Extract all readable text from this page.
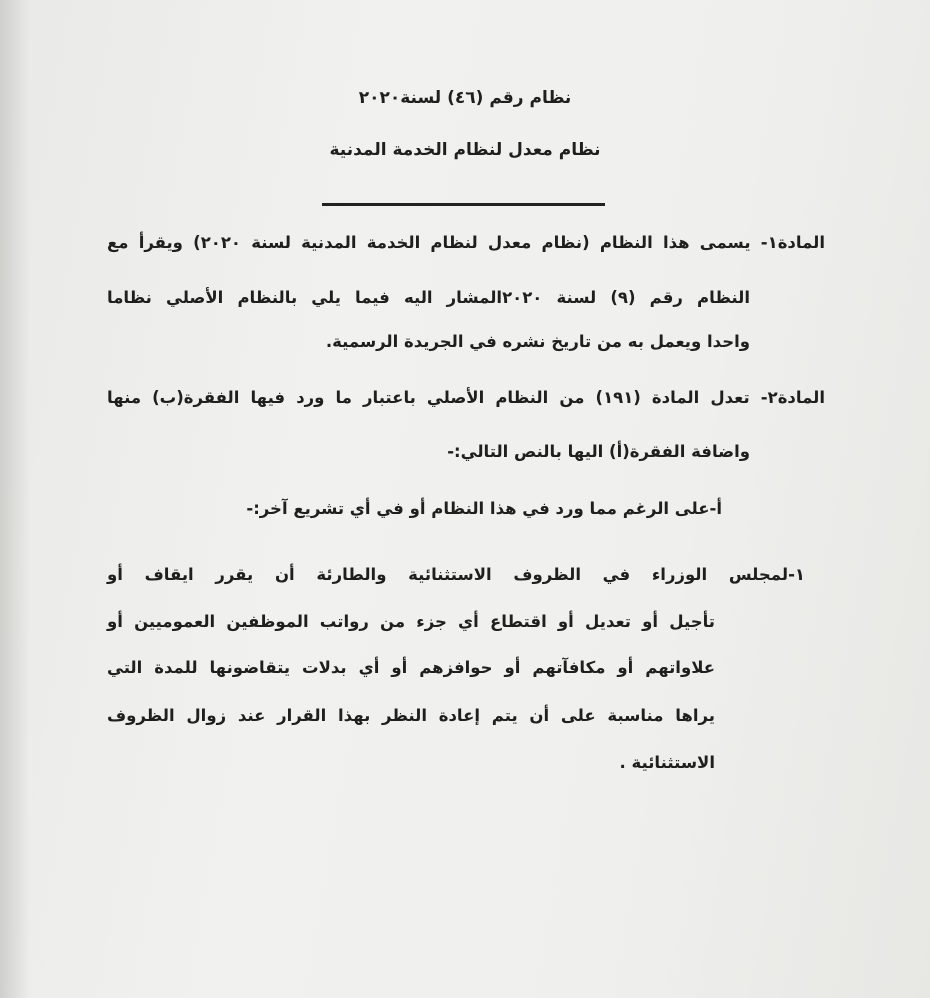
نظام رقم (٤٦) لسنة٢٠٢٠
نظام معدل لنظام الخدمة المدنية
المادة١- يسمى هذا النظام (نظام معدل لنظام الخدمة المدنية لسنة ٢٠٢٠) ويقرأ مع
النظام رقم (٩) لسنة ٢٠٢٠المشار اليه فيما يلي بالنظام الأصلي نظاما
واحدا ويعمل به من تاريخ نشره في الجريدة الرسمية.
المادة٢- تعدل المادة (١٩١) من النظام الأصلي باعتبار ما ورد فيها الفقرة(ب) منها
واضافة الفقرة(أ) اليها بالنص التالي:-
أ-على الرغم مما ورد في هذا النظام أو في أي تشريع آخر:-
١-لمجلس الوزراء في الظروف الاستثنائية والطارئة أن يقرر ايقاف أو
تأجيل أو تعديل أو اقتطاع أي جزء من رواتب الموظفين العموميين أو
علاواتهم أو مكافآتهم أو حوافزهم أو أي بدلات يتقاضونها للمدة التي
يراها مناسبة على أن يتم إعادة النظر بهذا القرار عند زوال الظروف
الاستثنائية .
